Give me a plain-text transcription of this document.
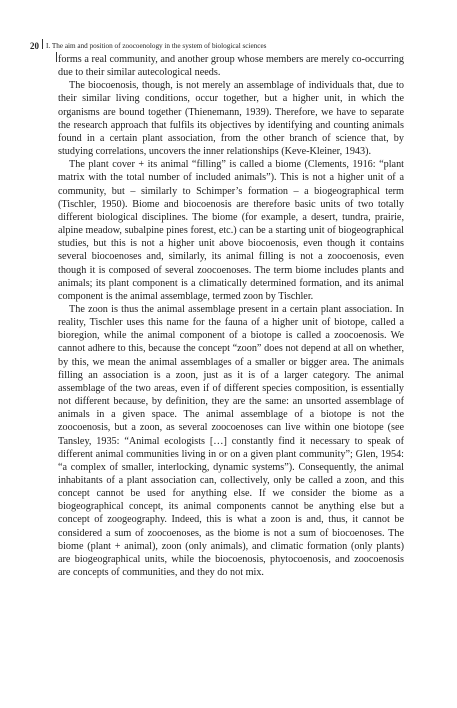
20 I. The aim and position of zoocoenology in the system of biological sciences

forms a real community, and another group whose members are merely co-occurring due to their similar autecological needs.

The biocoenosis, though, is not merely an assemblage of individuals that, due to their similar living conditions, occur together, but a higher unit, in which the organisms are bound together (Thienemann, 1939). Therefore, we have to separate the research approach that fulfils its objectives by identifying and counting animals found in a certain plant association, from the other branch of science that, by studying correlations, uncovers the inner relationships (Keve-Kleiner, 1943).

The plant cover + its animal “filling” is called a biome (Clements, 1916: “plant matrix with the total number of included animals”). This is not a higher unit of a community, but – similarly to Schimper’s formation – a biogeographical term (Tischler, 1950). Biome and biocoenosis are therefore basic units of two totally different biological disciplines. The biome (for example, a desert, tundra, prairie, alpine meadow, subalpine pines forest, etc.) can be a starting unit of biogeographical studies, but this is not a higher unit above biocoenosis, even though it contains several biocoenoses and, similarly, its animal filling is not a zoocoenosis, even though it is composed of several zoocoenoses. The term biome includes plants and animals; its plant component is a climatically determined formation, and its animal component is the animal assemblage, termed zoon by Tischler.

The zoon is thus the animal assemblage present in a certain plant association. In reality, Tischler uses this name for the fauna of a higher unit of biotope, called a bioregion, while the animal component of a biotope is called a zoocoenosis. We cannot adhere to this, because the concept “zoon” does not depend at all on whether, by this, we mean the animal assemblages of a smaller or bigger area. The animals filling an association is a zoon, just as it is of a larger category. The animal assemblage of the two areas, even if of different species composition, is essentially not different because, by definition, they are the same: an unsorted assemblage of animals in a given space. The animal assemblage of a biotope is not the zoocoenosis, but a zoon, as several zoocoenoses can live within one biotope (see Tansley, 1935: “Animal ecologists […] constantly find it necessary to speak of different animal communities living in or on a given plant community”; Glen, 1954: “a complex of smaller, interlocking, dynamic systems”). Consequently, the animal inhabitants of a plant association can, collectively, only be called a zoon, and this concept cannot be used for anything else. If we consider the biome as a biogeographical concept, its animal components cannot be anything else but a concept of zoogeography. Indeed, this is what a zoon is and, thus, it cannot be considered a sum of zoocoenoses, as the biome is not a sum of biocoenoses. The biome (plant + animal), zoon (only animals), and climatic formation (only plants) are biogeographical units, while the biocoenosis, phytocoenosis, and zoocoenosis are concepts of communities, and they do not mix.
